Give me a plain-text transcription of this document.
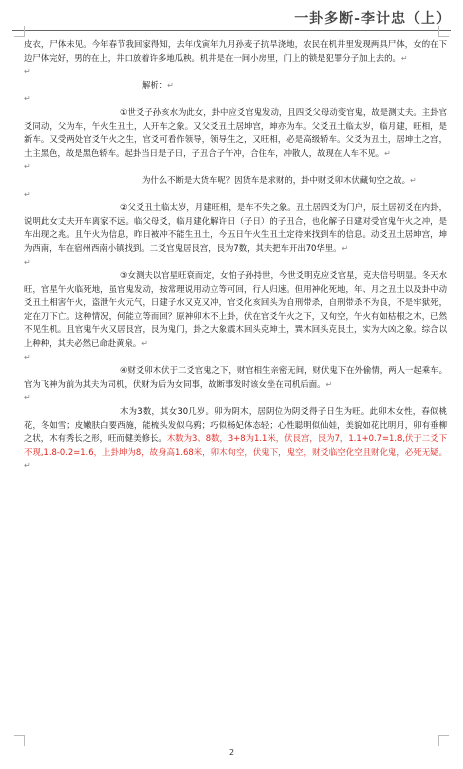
一卦多断-李计忠（上）

皮衣，尸体未见。今年春节我回家得知，去年戊寅年九月孙麦子抗旱浇地，农民在机井里发现两具尸体，女的在下边尸体完好，男的在上，井口放着许多地瓜秧。机井是在一间小房里，门上的锁是犯罪分子加上去的。↵

↵

解析：↵

↵

①世爻子孙亥水为此女，卦中应爻官鬼发动，且四爻父母动变官鬼，故是测丈夫。主卦官爻同动，父为车，午火生丑土，人开车之象。又父爻丑土居坤宫，坤亦为车。父爻丑土临太岁，临月建，旺相，是新车。又受两处官爻午火之生，官爻可看作领导，领导生之，又旺相，必是高级轿车。父爻为丑土，居坤土之宫，土主黑色，故是黑色轿车。起卦当日是子日，子丑合子午冲，合住车，冲散人，故现在人车不见。↵

↵

为什么不断是大货车呢？因货车是求财的，卦中财爻卯木伏藏旬空之故。↵

↵

②父爻丑土临太岁，月建旺相，是车不失之象。丑土居四爻为门户，辰土居初爻在内卦，说明此女丈夫开车离家不远。临父母爻，临月建化解许日（子日）的子丑合，也化解子日建对受官鬼午火之冲，是车出现之兆。且午火为信息，昨日被冲不能生丑土，今五日午火生丑土定待来找到车的信息。动爻丑土居坤宫，坤为西南，车在宿州西南小镇找到。二爻官鬼居艮宫，艮为7数，其夫把车开出70华里。↵

↵

③女测夫以官星旺衰而定，女怕子孙持世，今世爻明克应爻官星，克夫信号明显。冬天水旺，官星午火临死地，虽官鬼发动，按常理说用动立等可回，行人归速。但用神化死地，年、月之丑土以及卦中动爻丑土相害午火，盗泄午火元气，日建子水又克又冲，官爻化亥回头为自刑带杀，自刑带杀不为良，不是牢狱死，定在刀下亡。这种情况，何能立等而回？原神卯木不上卦，伏在官爻午火之下，又旬空，午火有如枯根之木，已然不见生机。且官鬼午火又居艮宫，艮为鬼门，卦之大象震木回头克坤土，巽木回头克艮土，实为大凶之象。综合以上种种，其夫必然已命赴黄泉。↵

↵

④财爻卯木伏于二爻官鬼之下，财官相生亲密无间，财伏鬼下在外偷情，两人一起乘车。官为飞神为前为其夫为司机，伏财为后为女同事，故断事发时该女坐在司机后面。↵

↵

木为3数，其女30几岁。卯为阴木，居阴位为阴爻得子日生为旺。此卯木女性，春似桃花，冬如雪；皮嫩肤白要西施，能梳头发似乌鸦；巧似杨妃体态轻；心性聪明似仙娃，美貌如花比明月，卯有垂柳之状，木有秀长之形，旺而健美修长。木数为3、8数，3+8为1.1米，伏艮宫，艮为7，1.1+0.7=1.8,伏于二爻下不现,1.8-0.2=1.6，上卦坤为8，故身高1.68米，卯木旬空，伏鬼下，鬼空，财爻临空化空且财化鬼，必死无疑。↵

2
